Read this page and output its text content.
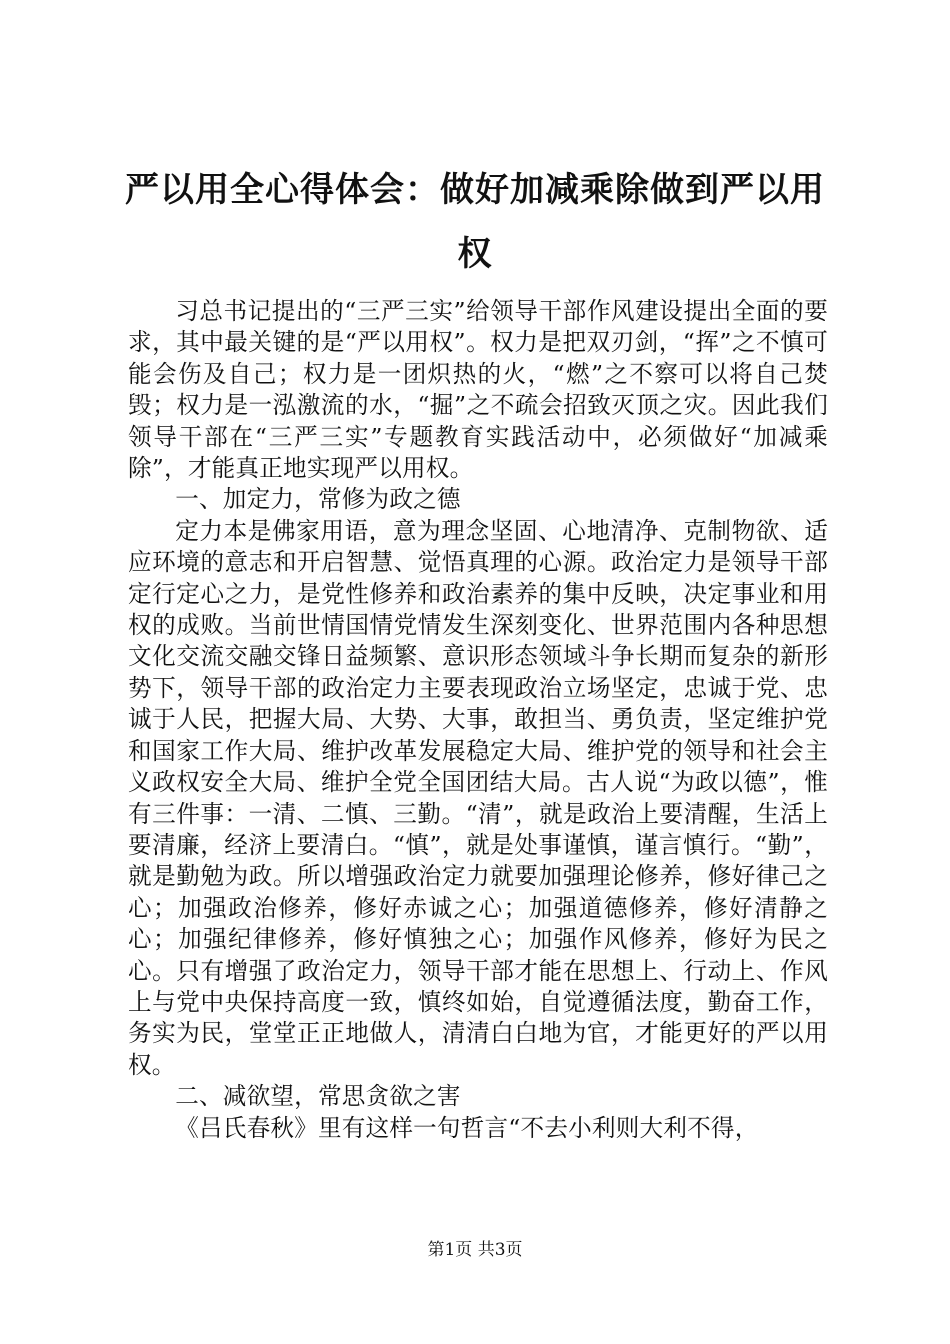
严以用全心得体会：做好加减乘除做到严以用权

习总书记提出的“三严三实”给领导干部作风建设提出全面的要求，其中最关键的是“严以用权”。权力是把双刃剑，“挥”之不慎可能会伤及自己；权力是一团炽热的火，“燃”之不察可以将自己焚毁；权力是一泓激流的水，“掘”之不疏会招致灭顶之灾。因此我们领导干部在“三严三实”专题教育实践活动中，必须做好“加减乘除”，才能真正地实现严以用权。

一、加定力，常修为政之德

定力本是佛家用语，意为理念坚固、心地清净、克制物欲、适应环境的意志和开启智慧、觉悟真理的心源。政治定力是领导干部定行定心之力，是党性修养和政治素养的集中反映，决定事业和用权的成败。当前世情国情党情发生深刻变化、世界范围内各种思想文化交流交融交锋日益频繁、意识形态领域斗争长期而复杂的新形势下，领导干部的政治定力主要表现政治立场坚定，忠诚于党、忠诚于人民，把握大局、大势、大事，敢担当、勇负责，坚定维护党和国家工作大局、维护改革发展稳定大局、维护党的领导和社会主义政权安全大局、维护全党全国团结大局。古人说“为政以德”，惟有三件事：一清、二慎、三勤。“清”，就是政治上要清醒，生活上要清廉，经济上要清白。“慎”，就是处事谨慎，谨言慎行。“勤”，就是勤勉为政。所以增强政治定力就要加强理论修养，修好律己之心；加强政治修养，修好赤诚之心；加强道德修养，修好清静之心；加强纪律修养，修好慎独之心；加强作风修养，修好为民之心。只有增强了政治定力，领导干部才能在思想上、行动上、作风上与党中央保持高度一致，慎终如始，自觉遵循法度，勤奋工作，务实为民，堂堂正正地做人，清清白白地为官，才能更好的严以用权。

二、减欲望，常思贪欲之害

《吕氏春秋》里有这样一句哲言“不去小利则大利不得，

第1页 共3页
